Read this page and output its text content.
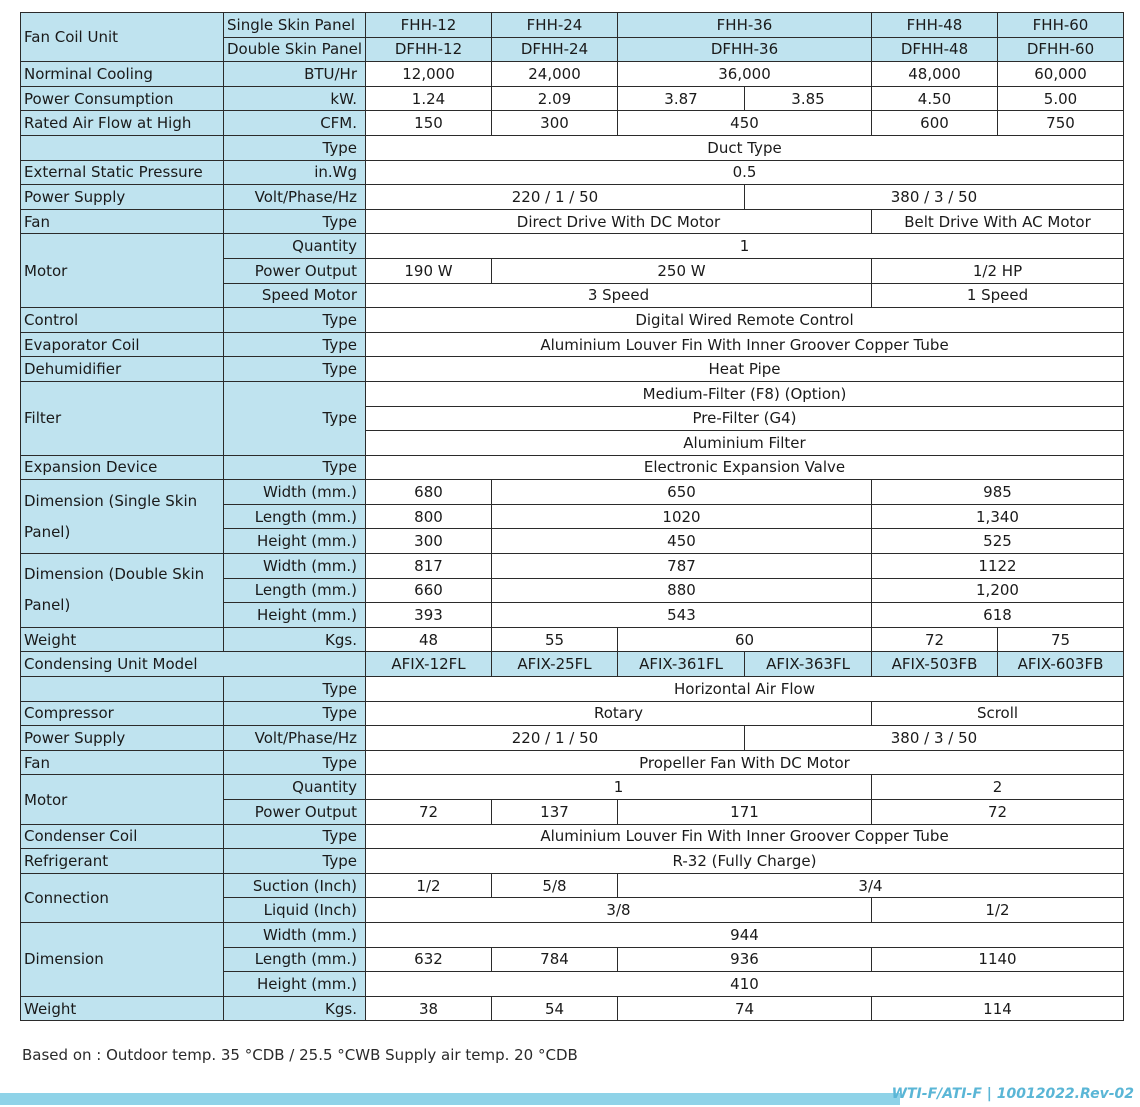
Fan Coil Unit	Single Skin Panel	FHH-12	FHH-24	FHH-36		FHH-48	FHH-60
	Double Skin Panel	DFHH-12	DFHH-24	DFHH-36		DFHH-48	DFHH-60
Norminal Cooling	BTU/Hr	12,000	24,000	36,000		48,000	60,000
Power Consumption	kW.	1.24	2.09	3.87	3.85	4.50	5.00
Rated Air Flow at High	CFM.	150	300	450		600	750
	Type	Duct Type					
External Static Pressure	in.Wg	0.5					
Power Supply	Volt/Phase/Hz	220 / 1 / 50			380 / 3 / 50		
Fan	Type	Direct Drive With DC Motor				Belt Drive With AC Motor	
Motor	Quantity	1					
	Power Output	190 W	250 W			1/2 HP	
	Speed Motor	3 Speed				1 Speed	
Control	Type	Digital Wired Remote Control					
Evaporator Coil	Type	Aluminium Louver Fin With Inner Groover Copper Tube					
Dehumidifier	Type	Heat Pipe					
Filter	Type	Medium-Filter (F8) (Option)					
		Pre-Filter (G4)					
		Aluminium Filter					
Expansion Device	Type	Electronic Expansion Valve					
Dimension (Single Skin Panel)	Width (mm.)	680	650			985	
	Length (mm.)	800	1020			1,340	
	Height (mm.)	300	450			525	
Dimension (Double Skin Panel)	Width (mm.)	817	787			1122	
	Length (mm.)	660	880			1,200	
	Height (mm.)	393	543			618	
Weight	Kgs.	48	55	60		72	75
Condensing Unit Model		AFIX-12FL	AFIX-25FL	AFIX-361FL	AFIX-363FL	AFIX-503FB	AFIX-603FB
	Type	Horizontal Air Flow					
Compressor	Type	Rotary				Scroll	
Power Supply	Volt/Phase/Hz	220 / 1 / 50			380 / 3 / 50		
Fan	Type	Propeller Fan With DC Motor					
Motor	Quantity	1				2	
	Power Output	72	137	171		72	
Condenser Coil	Type	Aluminium Louver Fin With Inner Groover Copper Tube					
Refrigerant	Type	R-32 (Fully Charge)					
Connection	Suction (Inch)	1/2	5/8	3/4			
	Liquid (Inch)	3/8				1/2	
Dimension	Width (mm.)	944					
	Length (mm.)	632	784	936		1140	
	Height (mm.)	410					
Weight	Kgs.	38	54	74		114	
Based on : Outdoor temp. 35 °CDB / 25.5 °CWB Supply air temp. 20 °CDB
WTI-F/ATI-F | 10012022.Rev-02
